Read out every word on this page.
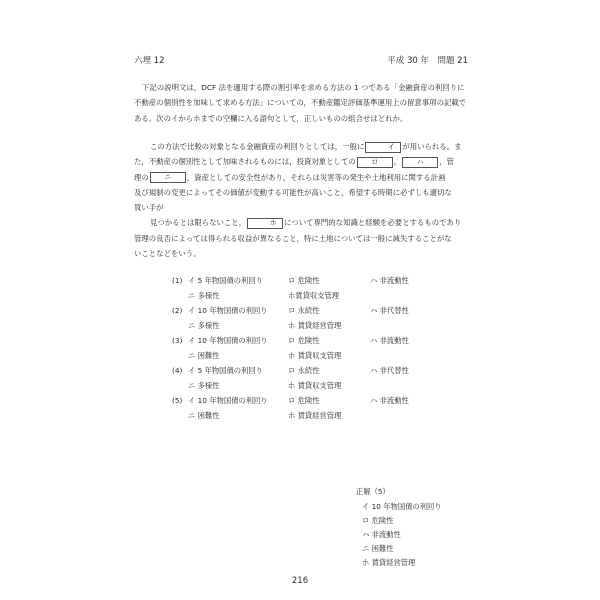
六埋 12	平成 30 年　問題 21
下記の説明文は，DCF 法を適用する際の割引率を求める方法の 1 つである「金融資産の利回りに
不動産の個別性を加味して求める方法」についての，不動産鑑定評価基準運用上の留意事項の記載で
ある。次のイからホまでの空欄に入る語句として，正しいものの組合せはどれか。
この方法で比較の対象となる金融資産の利回りとしては，一般に	イ が用いられる。ま
た，不動産の個別性として加味されるものには，投資対象としての ロ ， ハ ，管
理の ニ ，資産としての安全性があり，それらは災害等の発生や土地利用に関する計画
及び規制の変更によってその価値が変動する可能性が高いこと，希望する時期に必ずしも適切な
買い手が
見つかるとは限らないこと，	ホ について専門的な知識と経験を必要とするものであり
管理の良否によっては得られる収益が異なること，特に土地については一般に減失することがな
いことなどをいう。
(1) イ 5 年物国債の利回り	ロ 危険性	ハ 非流動性
ニ 多様性	ホ賃貸収支管理
(2) イ 10 年物国債の利回り	ロ 永続性	ハ 非代替性
ニ 多様性	ホ 賃貸経営管理
(3) イ 10 年物国債の利回り	ロ 危険性	ハ 非流動性
ニ 困難性	ホ 賃貸収支管理
(4) イ 5 年物国債の利回り	ロ 永続性	ハ 非代替性
ニ 多様性	ホ 賃貸収支管理
(5) イ 10 年物国債の利回り	ロ 危険性	ハ 非流動性
ニ 困難性	ホ 賃貸経営管理
正解（5）
イ 10 年物国債の利回り
ロ 危険性
ハ 非流動性
ニ 困難性
ホ 賃貸経営管理
216
